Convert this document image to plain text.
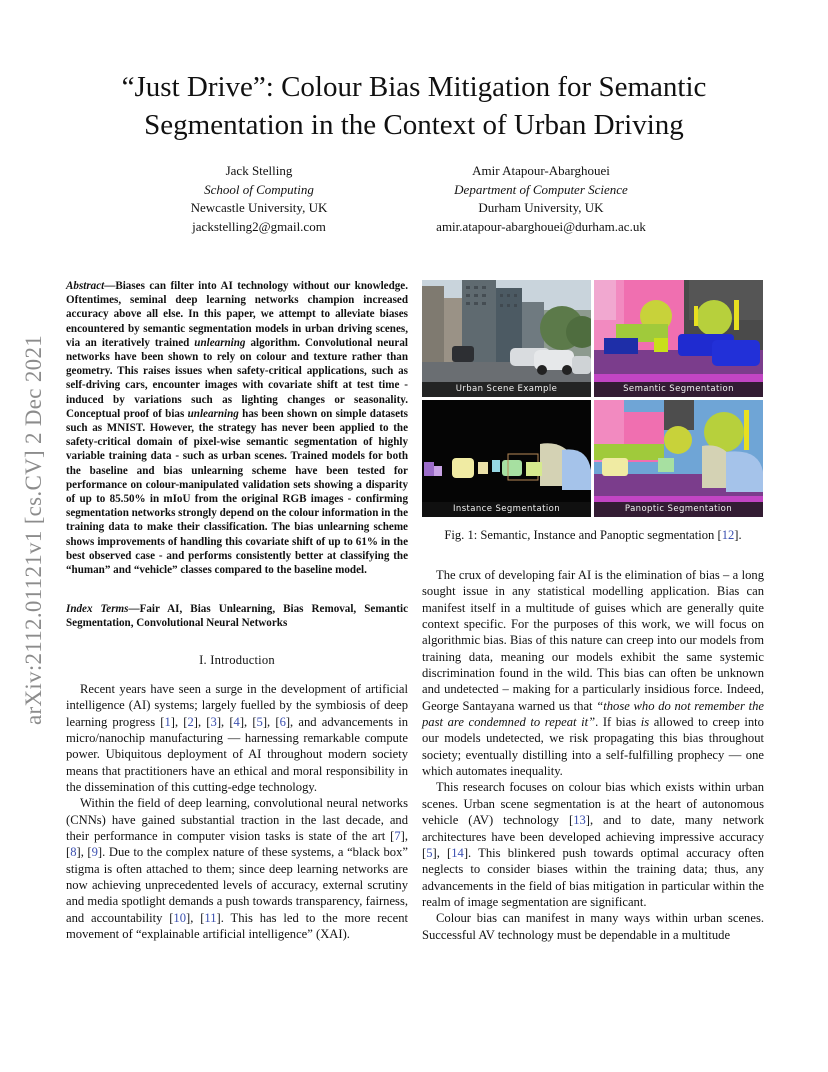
“Just Drive”: Colour Bias Mitigation for Semantic
Segmentation in the Context of Urban Driving
Jack Stelling
School of Computing
Newcastle University, UK
jackstelling2@gmail.com
Amir Atapour-Abarghouei
Department of Computer Science
Durham University, UK
amir.atapour-abarghouei@durham.ac.uk
arXiv:2112.01121v1 [cs.CV] 2 Dec 2021
Abstract—Biases can filter into AI technology without our knowledge. Oftentimes, seminal deep learning networks champion increased accuracy above all else. In this paper, we attempt to alleviate biases encountered by semantic segmentation models in urban driving scenes, via an iteratively trained unlearning algorithm. Convolutional neural networks have been shown to rely on colour and texture rather than geometry. This raises issues when safety-critical applications, such as self-driving cars, encounter images with covariate shift at test time - induced by variations such as lighting changes or seasonality. Conceptual proof of bias unlearning has been shown on simple datasets such as MNIST. However, the strategy has never been applied to the safety-critical domain of pixel-wise semantic segmentation of highly variable training data - such as urban scenes. Trained models for both the baseline and bias unlearning scheme have been tested for performance on colour-manipulated validation sets showing a disparity of up to 85.50% in mIoU from the original RGB images - confirming segmentation networks strongly depend on the colour information in the training data to make their classification. The bias unlearning scheme shows improvements of handling this covariate shift of up to 61% in the best observed case - and performs consistently better at classifying the “human” and “vehicle” classes compared to the baseline model.
Index Terms—Fair AI, Bias Unlearning, Bias Removal, Semantic Segmentation, Convolutional Neural Networks
I. Introduction

Recent years have seen a surge in the development of artificial intelligence (AI) systems; largely fuelled by the symbiosis of deep learning progress [1], [2], [3], [4], [5], [6], and advancements in micro/nanochip manufacturing — harnessing remarkable compute power. Ubiquitous deployment of AI throughout modern society means that practitioners have an ethical and moral responsibility in the dissemination of this cutting-edge technology.

Within the field of deep learning, convolutional neural networks (CNNs) have gained substantial traction in the last decade, and their performance in computer vision tasks is state of the art [7], [8], [9]. Due to the complex nature of these systems, a “black box” stigma is often attached to them; since deep learning networks are now achieving unprecedented levels of accuracy, external scrutiny and media spotlight demands a push towards transparency, fairness, and accountability [10], [11]. This has led to the more recent movement of “explainable artificial intelligence” (XAI).

Urban Scene Example	Semantic Segmentation
Instance Segmentation	Panoptic Segmentation
Fig. 1: Semantic, Instance and Panoptic segmentation [12].

The crux of developing fair AI is the elimination of bias – a long sought issue in any statistical modelling application. Bias can manifest itself in a multitude of guises which are generally quite context specific. For the purposes of this work, we will focus on algorithmic bias. Bias of this nature can creep into our models from training data, meaning our models exhibit the same systemic discrimination found in the wild. This bias can often be unknown and undetected – making for a particularly insidious force. Indeed, George Santayana warned us that “those who do not remember the past are condemned to repeat it”. If bias is allowed to creep into our models undetected, we risk propagating this bias throughout society; eventually distilling into a self-fulfilling prophecy — one which automates inequality.

This research focuses on colour bias which exists within urban scenes. Urban scene segmentation is at the heart of autonomous vehicle (AV) technology [13], and to date, many network architectures have been developed achieving impressive accuracy [5], [14]. This blinkered push towards optimal accuracy often neglects to consider biases within the training data; thus, any advancements in the field of bias mitigation in particular within the realm of image segmentation are significant.

Colour bias can manifest in many ways within urban scenes. Successful AV technology must be dependable in a multitude
